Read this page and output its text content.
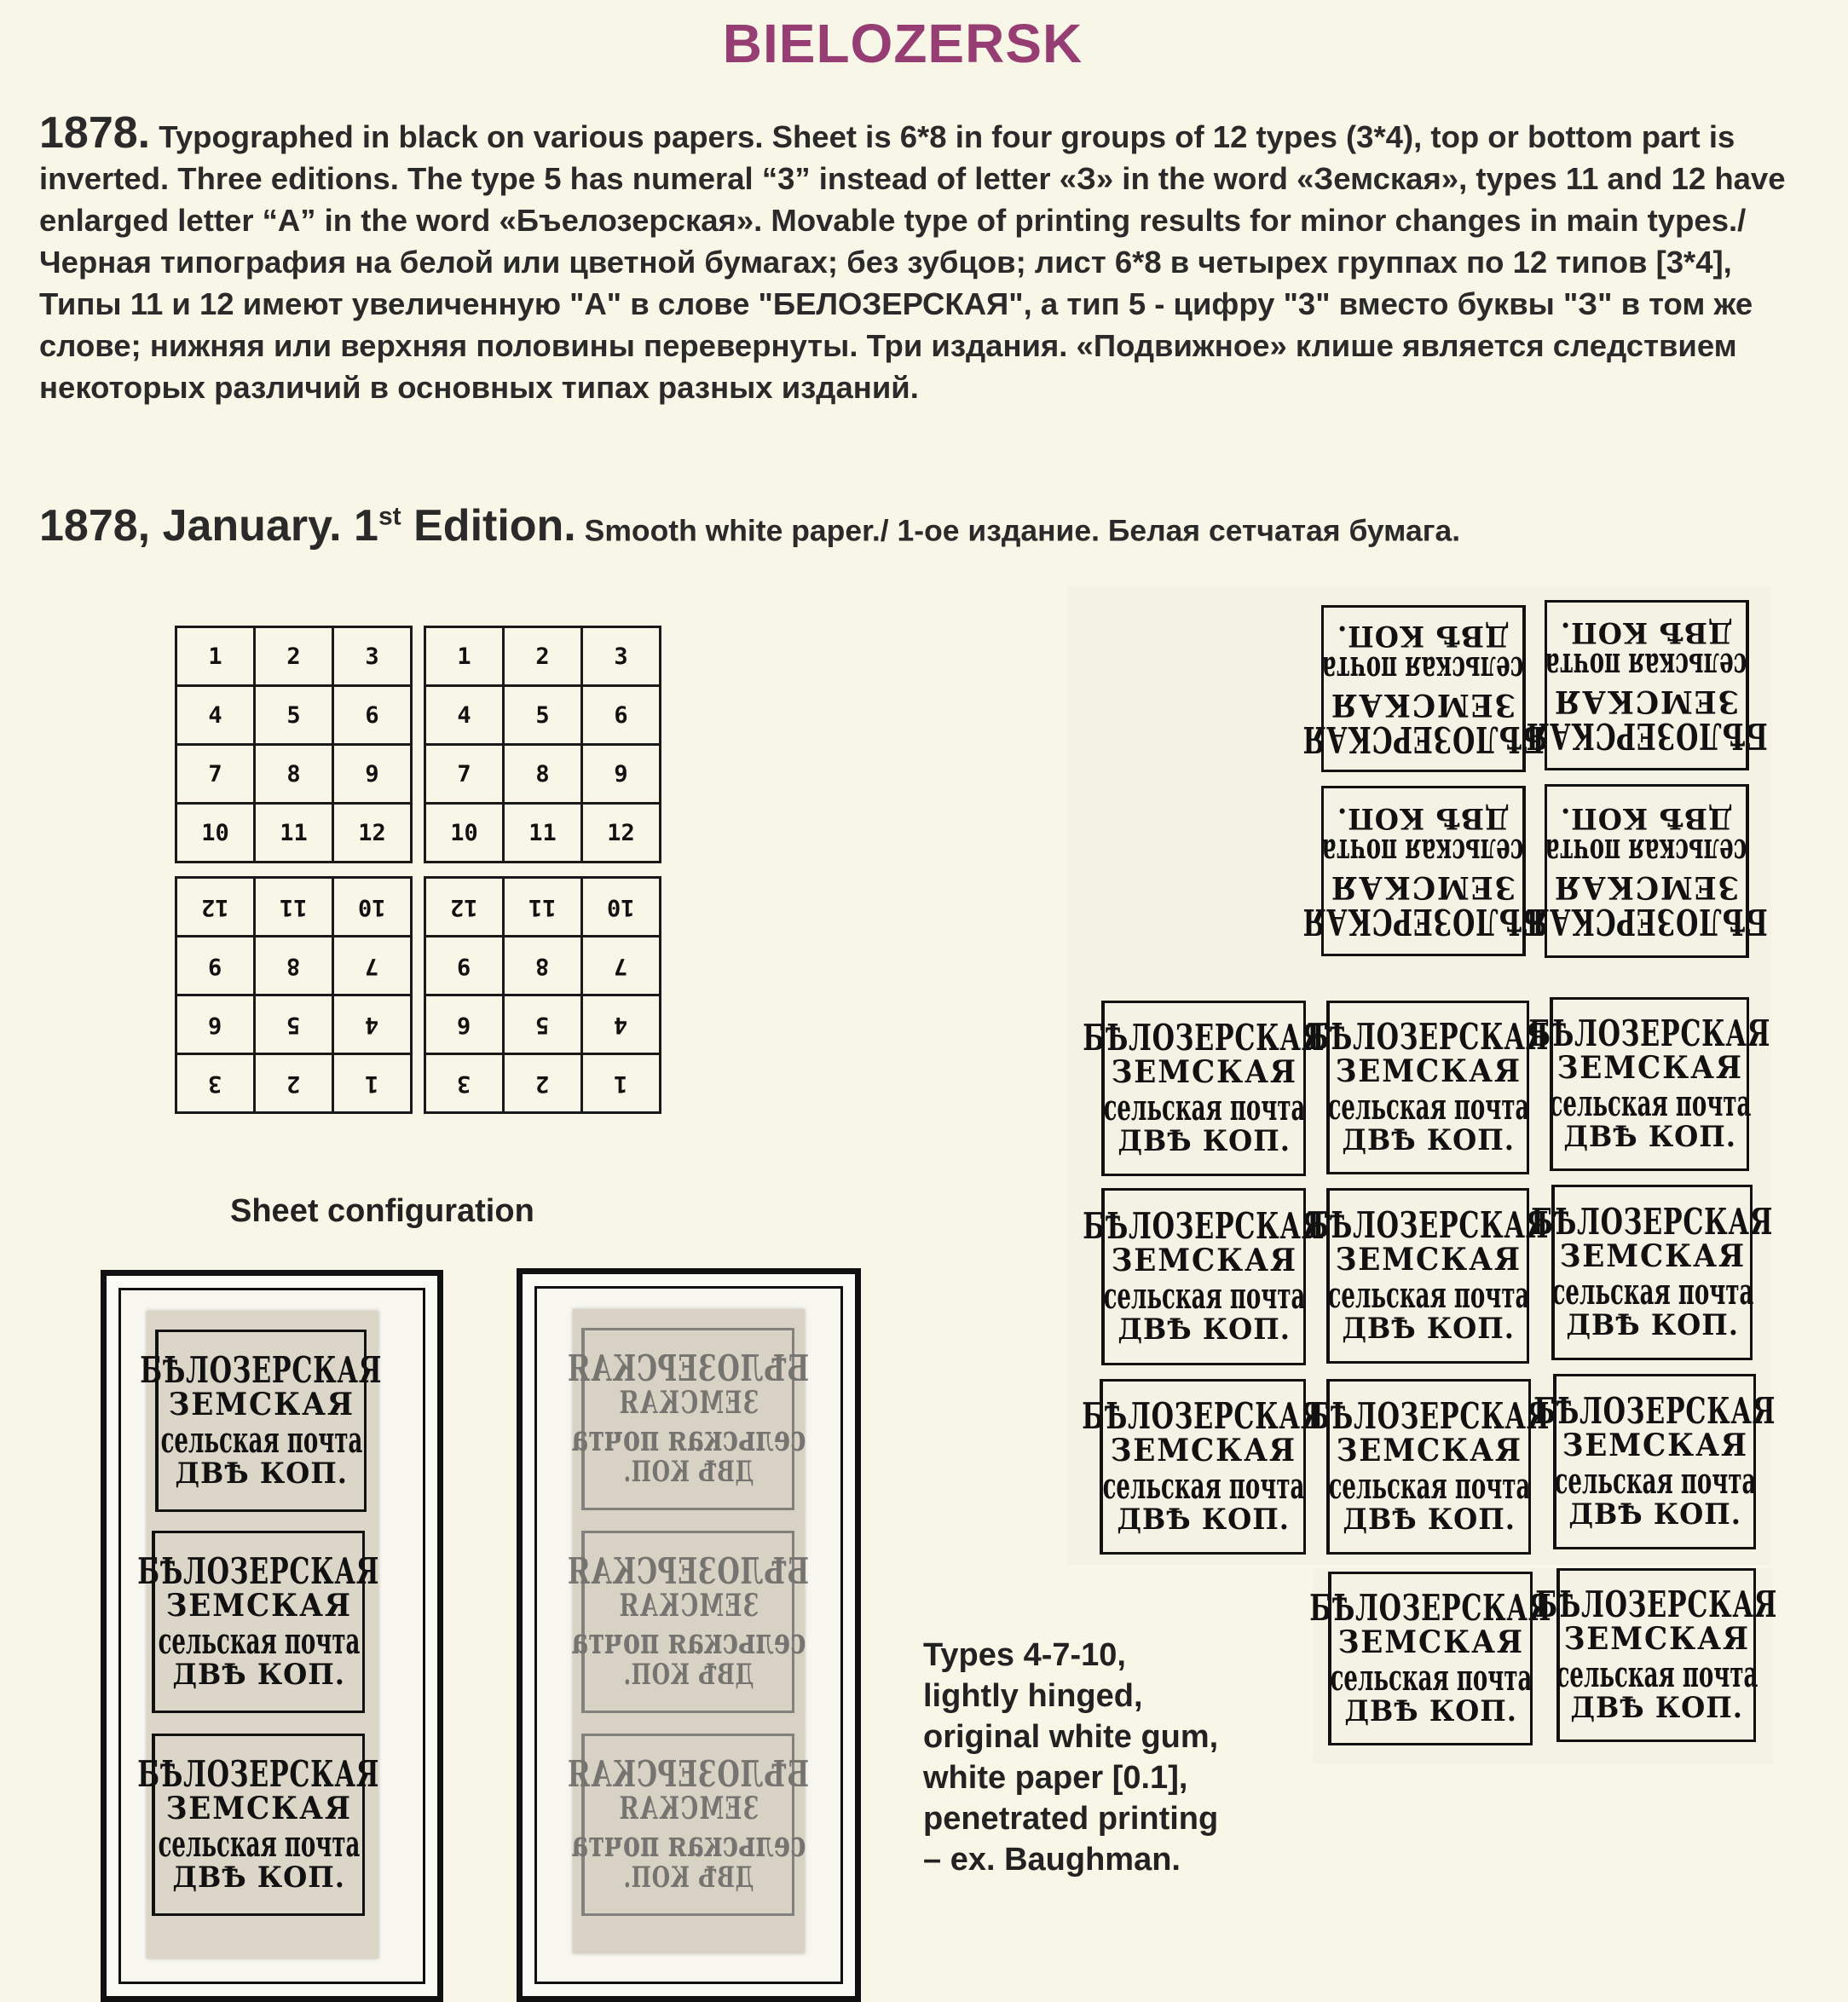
BIELOZERSK
1878. Typographed in black on various papers. Sheet is 6*8 in four groups of 12 types (3*4), top or bottom part is inverted. Three editions. The type 5 has numeral “3” instead of letter «З» in the word «Земская», types 11 and 12 have enlarged letter “А” in the word «Бъелозерская». Movable type of printing results for minor changes in main types./ Черная типография на белой или цветной бумагах; без зубцов; лист 6*8 в четырех группах по 12 типов [3*4], Типы 11 и 12 имеют увеличенную "А" в слове "БЕЛОЗЕРСКАЯ", а тип 5 - цифру "3" вместо буквы "З" в том же слове; нижняя или верхняя половины перевернуты. Три издания. «Подвижное» клише является следствием некоторых различий в основных типах разных изданий.
1878, January. 1st Edition. Smooth white paper./ 1-ое издание. Белая сетчатая бумага.
1	2	3
4	5	6
7	8	9
10	11	12
1	2	3
4	5	6
7	8	9
10	11	12
12	11	10
9	8	7
6	5	4
3	2	1
12	11	10
9	8	7
6	5	4
3	2	1
Sheet configuration
БѢЛОЗЕРСКАЯ
ЗЕМСКАЯ
сельская почта
ДВѢ КОП.
БѢЛОЗЕРСКАЯ
ЗЕМСКАЯ
сельская почта
ДВѢ КОП.
БѢЛОЗЕРСКАЯ
ЗЕМСКАЯ
сельская почта
ДВѢ КОП.
БѢЛОЗЕРСКАЯ
ЗЕМСКАЯ
сельская почта
ДВѢ КОП.
БѢЛОЗЕРСКАЯ
ЗЕМСКАЯ
сельская почта
ДВѢ КОП.
БѢЛОЗЕРСКАЯ
ЗЕМСКАЯ
сельская почта
ДВѢ КОП.
БѢЛОЗЕРСКАЯ
ЗЕМСКАЯ
сельская почта
ДВѢ КОП.
БѢЛОЗЕРСКАЯ
ЗЕМСКАЯ
сельская почта
ДВѢ КОП.
БѢЛОЗЕРСКАЯ
ЗЕМСКАЯ
сельская почта
ДВѢ КОП.
БѢЛОЗЕРСКАЯ
ЗЕМСКАЯ
сельская почта
ДВѢ КОП.
БѢЛОЗЕРСКАЯ
ЗЕМСКАЯ
сельская почта
ДВѢ КОП.
БѢЛОЗЕРСКАЯ
ЗЕМСКАЯ
сельская почта
ДВѢ КОП.
БѢЛОЗЕРСКАЯ
ЗЕМСКАЯ
сельская почта
ДВѢ КОП.
БѢЛОЗЕРСКАЯ
ЗЕМСКАЯ
сельская почта
ДВѢ КОП.
БѢЛОЗЕРСКАЯ
ЗЕМСКАЯ
сельская почта
ДВѢ КОП.
БѢЛОЗЕРСКАЯ
ЗЕМСКАЯ
сельская почта
ДВѢ КОП.
БѢЛОЗЕРСКАЯ
ЗЕМСКАЯ
сельская почта
ДВѢ КОП.
БѢЛОЗЕРСКАЯ
ЗЕМСКАЯ
сельская почта
ДВѢ КОП.
БѢЛОЗЕРСКАЯ
ЗЕМСКАЯ
сельская почта
ДВѢ КОП.
БѢЛОЗЕРСКАЯ
ЗЕМСКАЯ
сельская почта
ДВѢ КОП.
БѢЛОЗЕРСКАЯ
ЗЕМСКАЯ
сельская почта
ДВѢ КОП.
Types 4-7-10, lightly hinged, original white gum, white paper [0.1], penetrated printing – ex. Baughman.
